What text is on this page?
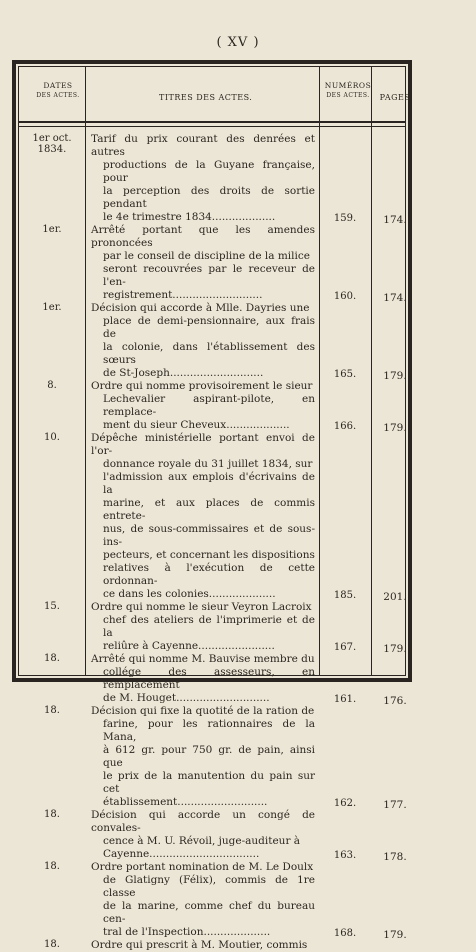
( XV )
DATES
DES ACTES.	TITRES DES ACTES.
NUMÉROS
DES ACTES.	PAGES
1er oct. 1834.
Tarif du prix courant des denrées et autres
productions de la Guyane française, pour
la perception des droits de sortie pendant
le 4e trimestre 1834...................	159.	174.
1er.	Arrêté portant que les amendes prononcées
par le conseil de discipline de la milice
seront recouvrées par le receveur de l'en-
registrement...........................	160.	174.
1er.	Décision qui accorde à Mlle. Dayries une
place de demi-pensionnaire, aux frais de
la colonie, dans l'établissement des sœurs
de St-Joseph............................	165.	179.
8.	Ordre qui nomme provisoirement le sieur
Lechevalier aspirant-pilote, en remplace-
ment du sieur Cheveux...................	166.	179.
10.	Dépêche ministérielle portant envoi de l'or-
donnance royale du 31 juillet 1834, sur
l'admission aux emplois d'écrivains de la
marine, et aux places de commis entrete-
nus, de sous-commissaires et de sous-ins-
pecteurs, et concernant les dispositions
relatives à l'exécution de cette ordonnan-
ce dans les colonies....................	185.	201.
15.	Ordre qui nomme le sieur Veyron Lacroix
chef des ateliers de l'imprimerie et de la
reliûre à Cayenne.......................	167.	179.
18.	Arrêté qui nomme M. Bauvise membre du
collége des assesseurs, en remplacement
de M. Houget............................	161.	176.
18.	Décision qui fixe la quotité de la ration de
farine, pour les rationnaires de la Mana,
à 612 gr. pour 750 gr. de pain, ainsi que
le prix de la manutention du pain sur cet
établissement...........................	162.	177.
18.	Décision qui accorde un congé de convales-
cence à M. U. Révoil, juge-auditeur à
Cayenne.................................	163.	178.
18.	Ordre portant nomination de M. Le Doulx
de Glatigny (Félix), commis de 1re classe
de la marine, comme chef du bureau cen-
tral de l'Inspection....................	168.	179.
18.	Ordre qui prescrit à M. Moutier, commis
